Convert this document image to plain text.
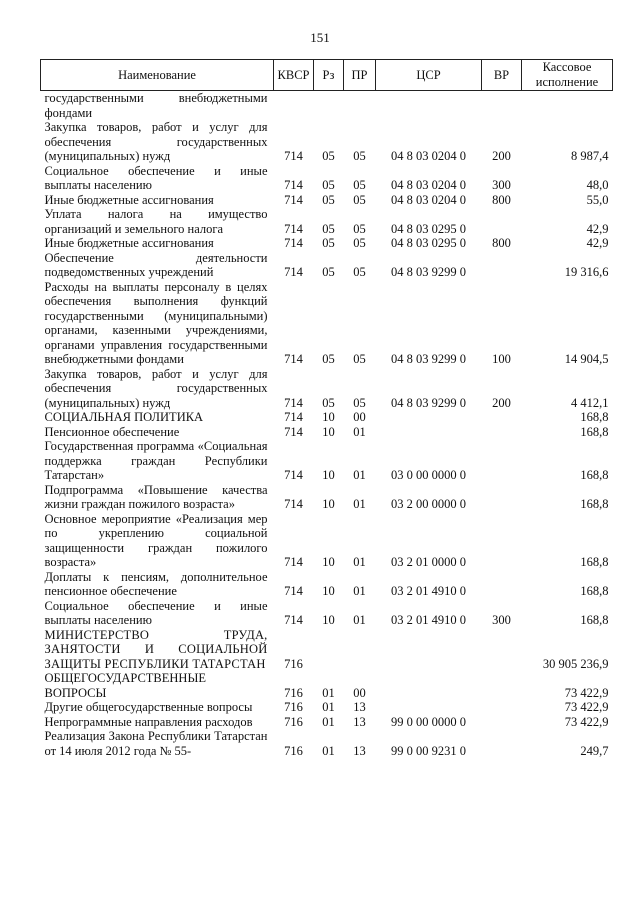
151
Наименование	КВСР	Рз	ПР	ЦСР	ВР	Кассовое исполнение
государственными внебюджетными фондами						
Закупка товаров, работ и услуг для обеспечения государственных (муниципальных) нужд	714	05	05	04 8 03 0204 0	200	8 987,4
Социальное обеспечение и иные выплаты населению	714	05	05	04 8 03 0204 0	300	48,0
Иные бюджетные ассигнования	714	05	05	04 8 03 0204 0	800	55,0
Уплата налога на имущество организаций и земельного налога	714	05	05	04 8 03 0295 0		42,9
Иные бюджетные ассигнования	714	05	05	04 8 03 0295 0	800	42,9
Обеспечение деятельности подведомственных учреждений	714	05	05	04 8 03 9299 0		19 316,6
Расходы на выплаты персоналу в целях обеспечения выполнения функций государственными (муниципальными) органами, казенными учреждениями, органами управления государственными внебюджетными фондами	714	05	05	04 8 03 9299 0	100	14 904,5
Закупка товаров, работ и услуг для обеспечения государственных (муниципальных) нужд	714	05	05	04 8 03 9299 0	200	4 412,1
СОЦИАЛЬНАЯ ПОЛИТИКА	714	10	00			168,8
Пенсионное обеспечение	714	10	01			168,8
Государственная программа «Социальная поддержка граждан Республики Татарстан»	714	10	01	03 0 00 0000 0		168,8
Подпрограмма «Повышение качества жизни граждан пожилого возраста»	714	10	01	03 2 00 0000 0		168,8
Основное мероприятие «Реализация мер по укреплению социальной защищенности граждан пожилого возраста»	714	10	01	03 2 01 0000 0		168,8
Доплаты к пенсиям, дополнительное пенсионное обеспечение	714	10	01	03 2 01 4910 0		168,8
Социальное обеспечение и иные выплаты населению	714	10	01	03 2 01 4910 0	300	168,8
МИНИСТЕРСТВО ТРУДА, ЗАНЯТОСТИ И СОЦИАЛЬНОЙ ЗАЩИТЫ РЕСПУБЛИКИ ТАТАРСТАН	716					30 905 236,9
ОБЩЕГОСУДАРСТВЕННЫЕ ВОПРОСЫ	716	01	00			73 422,9
Другие общегосударственные вопросы	716	01	13			73 422,9
Непрограммные направления расходов	716	01	13	99 0 00 0000 0		73 422,9
Реализация Закона Республики Татарстан от 14 июля 2012 года № 55-	716	01	13	99 0 00 9231 0		249,7
